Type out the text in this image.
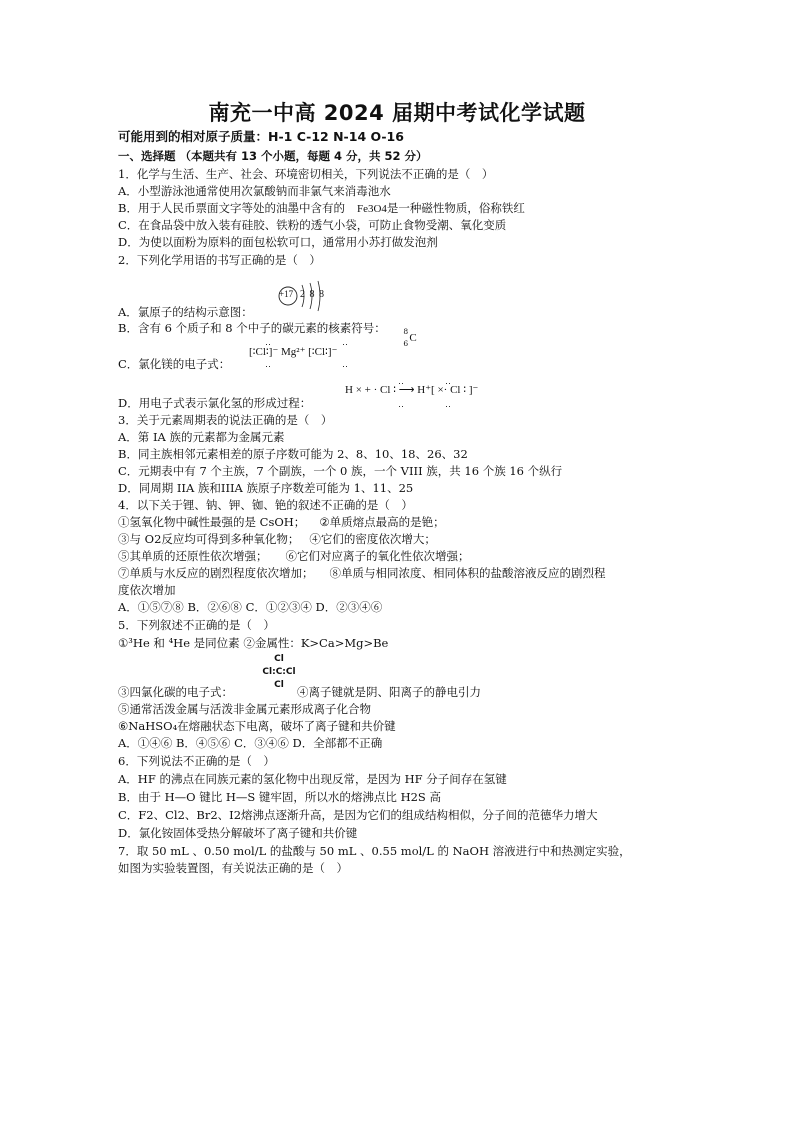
南充一中高 2024 届期中考试化学试题
可能用到的相对原子质量：H-1 C-12 N-14 O-16
一、选择题 （本题共有 13 个小题，每题 4 分，共 52 分）
1．化学与生活、生产、社会、环境密切相关，下列说法不正确的是（　）
A．小型游泳池通常使用次氯酸钠而非氯气来消毒池水
B．用于人民币票面文字等处的油墨中含有的 Fe3O4是一种磁性物质，俗称铁红
C．在食品袋中放入装有硅胶、铁粉的透气小袋，可防止食物受潮、氧化变质
D．为使以面粉为原料的面包松软可口，通常用小苏打做发泡剂
2．下列化学用语的书写正确的是（　）
+17 2 8 8
A．氯原子的结构示意图：
B．含有 6 个质子和 8 个中子的碳元素的核素符号： 8
6 C
‥　　　　　　　‥
[∶Cl∶]⁻ Mg²⁺ [∶Cl∶]⁻
‥　　　　　　　‥
C．氯化镁的电子式：
‥　　　　‥
H × + · Cl ∶ ⟶ H⁺[ ×· Cl ∶ ]⁻
‥　　　　‥
D．用电子式表示氯化氢的形成过程：
3．关于元素周期表的说法正确的是（　）
A．第 IA 族的元素都为金属元素
B．同主族相邻元素相差的原子序数可能为 2、8、10、18、26、32
C．元期表中有 7 个主族，7 个副族，一个 0 族，一个 VIII 族，共 16 个族 16 个纵行
D．同周期 IIA 族和IIIA 族原子序数差可能为 1、11、25
4．以下关于锂、钠、钾、铷、铯的叙述不正确的是（　）
①氢氧化物中碱性最强的是 CsOH； ②单质熔点最高的是铯；
③与 O2反应均可得到多种氧化物； ④它们的密度依次增大；
⑤其单质的还原性依次增强； ⑥它们对应离子的氧化性依次增强；
⑦单质与水反应的剧烈程度依次增加； ⑧单质与相同浓度、相同体积的盐酸溶液反应的剧烈程
度依次增加
A．①⑤⑦⑧ B．②⑥⑧ C．①②③④ D．②③④⑥
5．下列叙述不正确的是（　）
①³He 和 ⁴He 是同位素 ②金属性：K>Ca>Mg>Be
Cl
Cl:C:Cl
Cl
③四氯化碳的电子式：	④离子键就是阴、阳离子的静电引力
⑤通常活泼金属与活泼非金属元素形成离子化合物
⑥NaHSO₄在熔融状态下电离，破坏了离子键和共价键
A．①④⑥ B．④⑤⑥ C．③④⑥ D．全部都不正确
6．下列说法不正确的是（　）
A．HF 的沸点在同族元素的氢化物中出现反常，是因为 HF 分子间存在氢键
B．由于 H—O 键比 H—S 键牢固，所以水的熔沸点比 H2S 高
C．F2、Cl2、Br2、I2熔沸点逐渐升高，是因为它们的组成结构相似，分子间的范德华力增大
D．氯化铵固体受热分解破坏了离子键和共价键
7．取 50 mL 、0.50 mol/L 的盐酸与 50 mL 、0.55 mol/L 的 NaOH 溶液进行中和热测定实验，
如图为实验装置图，有关说法正确的是（　）
